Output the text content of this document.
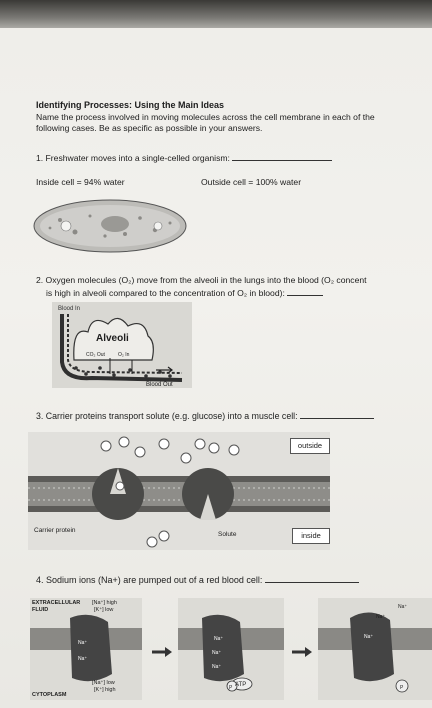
Identifying Processes: Using the Main Ideas
Name the process involved in moving molecules across the cell membrane in each of the
following cases. Be as specific as possible in your answers.
1. Freshwater moves into a single-celled organism:
Inside cell = 94% water	Outside cell = 100% water
2. Oxygen molecules (O₂) move from the alveoli in the lungs into the blood (O₂ concent
is high in alveoli compared to the concentration of O₂ in blood):
Blood In
Alveoli
CO₂ Out	O₂ In
Blood Out
3. Carrier proteins transport solute (e.g. glucose) into a muscle cell:
outside
inside
Carrier protein
Solute
4. Sodium ions (Na+) are pumped out of a red blood cell:
EXTRACELLULAR
FLUID
[Na⁺] high
[K⁺] low
[Na⁺] low
[K⁺] high
CYTOPLASM
Na⁺
Na⁺
Na⁺
Na⁺
Na⁺
ATP
P	P
Na⁺
Na⁺
Na⁺
